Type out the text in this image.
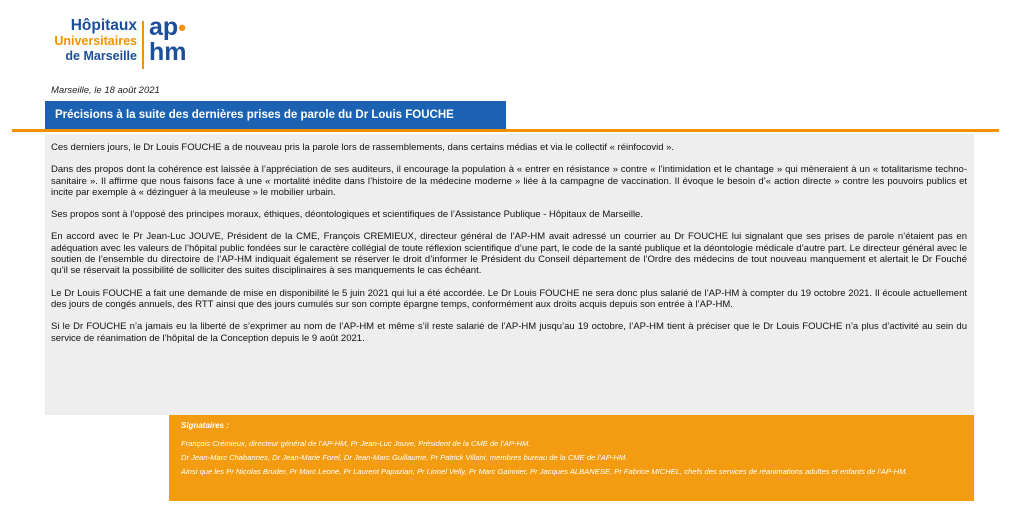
Hôpitaux
Universitaires
de Marseille
ap•
hm
Marseille, le 18 août 2021
Précisions à la suite des dernières prises de parole du Dr Louis FOUCHE

Ces derniers jours, le Dr Louis FOUCHE a de nouveau pris la parole lors de rassemblements, dans certains médias et via le collectif « réinfocovid ».

Dans des propos dont la cohérence est laissée à l’appréciation de ses auditeurs, il encourage la population à « entrer en résistance » contre « l’intimidation et le chantage » qui mèneraient à un « totalitarisme techno-sanitaire ». Il affirme que nous faisons face à une « mortalité inédite dans l’histoire de la médecine moderne » liée à la campagne de vaccination. Il évoque le besoin d’« action directe » contre les pouvoirs publics et incite par exemple à « dézinguer à la meuleuse » le mobilier urbain.

Ses propos sont à l’opposé des principes moraux, éthiques, déontologiques et scientifiques de l’Assistance Publique - Hôpitaux de Marseille.

En accord avec le Pr Jean-Luc JOUVE, Président de la CME, François CREMIEUX, directeur général de l’AP-HM avait adressé un courrier au Dr FOUCHE lui signalant que ses prises de parole n’étaient pas en adéquation avec les valeurs de l’hôpital public fondées sur le caractère collégial de toute réflexion scientifique d’une part, le code de la santé publique et la déontologie médicale d’autre part. Le directeur général avec le soutien de l’ensemble du directoire de l’AP-HM indiquait également se réserver le droit d’informer le Président du Conseil département de l’Ordre des médecins de tout nouveau manquement et alertait le Dr Fouché qu’il se réservait la possibilité de solliciter des suites disciplinaires à ses manquements le cas échéant.

Le Dr Louis FOUCHE a fait une demande de mise en disponibilité le 5 juin 2021 qui lui a été accordée. Le Dr Louis FOUCHE ne sera donc plus salarié de l’AP-HM à compter du 19 octobre 2021. Il écoule actuellement des jours de congés annuels, des RTT ainsi que des jours cumulés sur son compte épargne temps, conformément aux droits acquis depuis son entrée à l’AP-HM.

Si le Dr FOUCHE n’a jamais eu la liberté de s’exprimer au nom de l’AP-HM et même s’il reste salarié de l’AP-HM jusqu’au 19 octobre, l’AP-HM tient à préciser que le Dr Louis FOUCHE n’a plus d’activité au sein du service de réanimation de l’hôpital de la Conception depuis le 9 août 2021.

Signataires :

François Crémieux, directeur général de l’AP-HM, Pr Jean-Luc Jouve, Président de la CME de l’AP-HM.

Dr Jean-Marc Chabannes, Dr Jean-Marie Forel, Dr Jean-Marc Guillaume, Pr Patrick Villani, membres bureau de la CME de l’AP-HM.

Ainsi que les Pr Nicolas Bruder, Pr Marc Leone, Pr Laurent Papazian, Pr Lionel Velly, Pr Marc Gainnier, Pr Jacques ALBANESE, Pr Fabrice MICHEL, chefs des services de réanimations adultes et enfants de l’AP-HM.
